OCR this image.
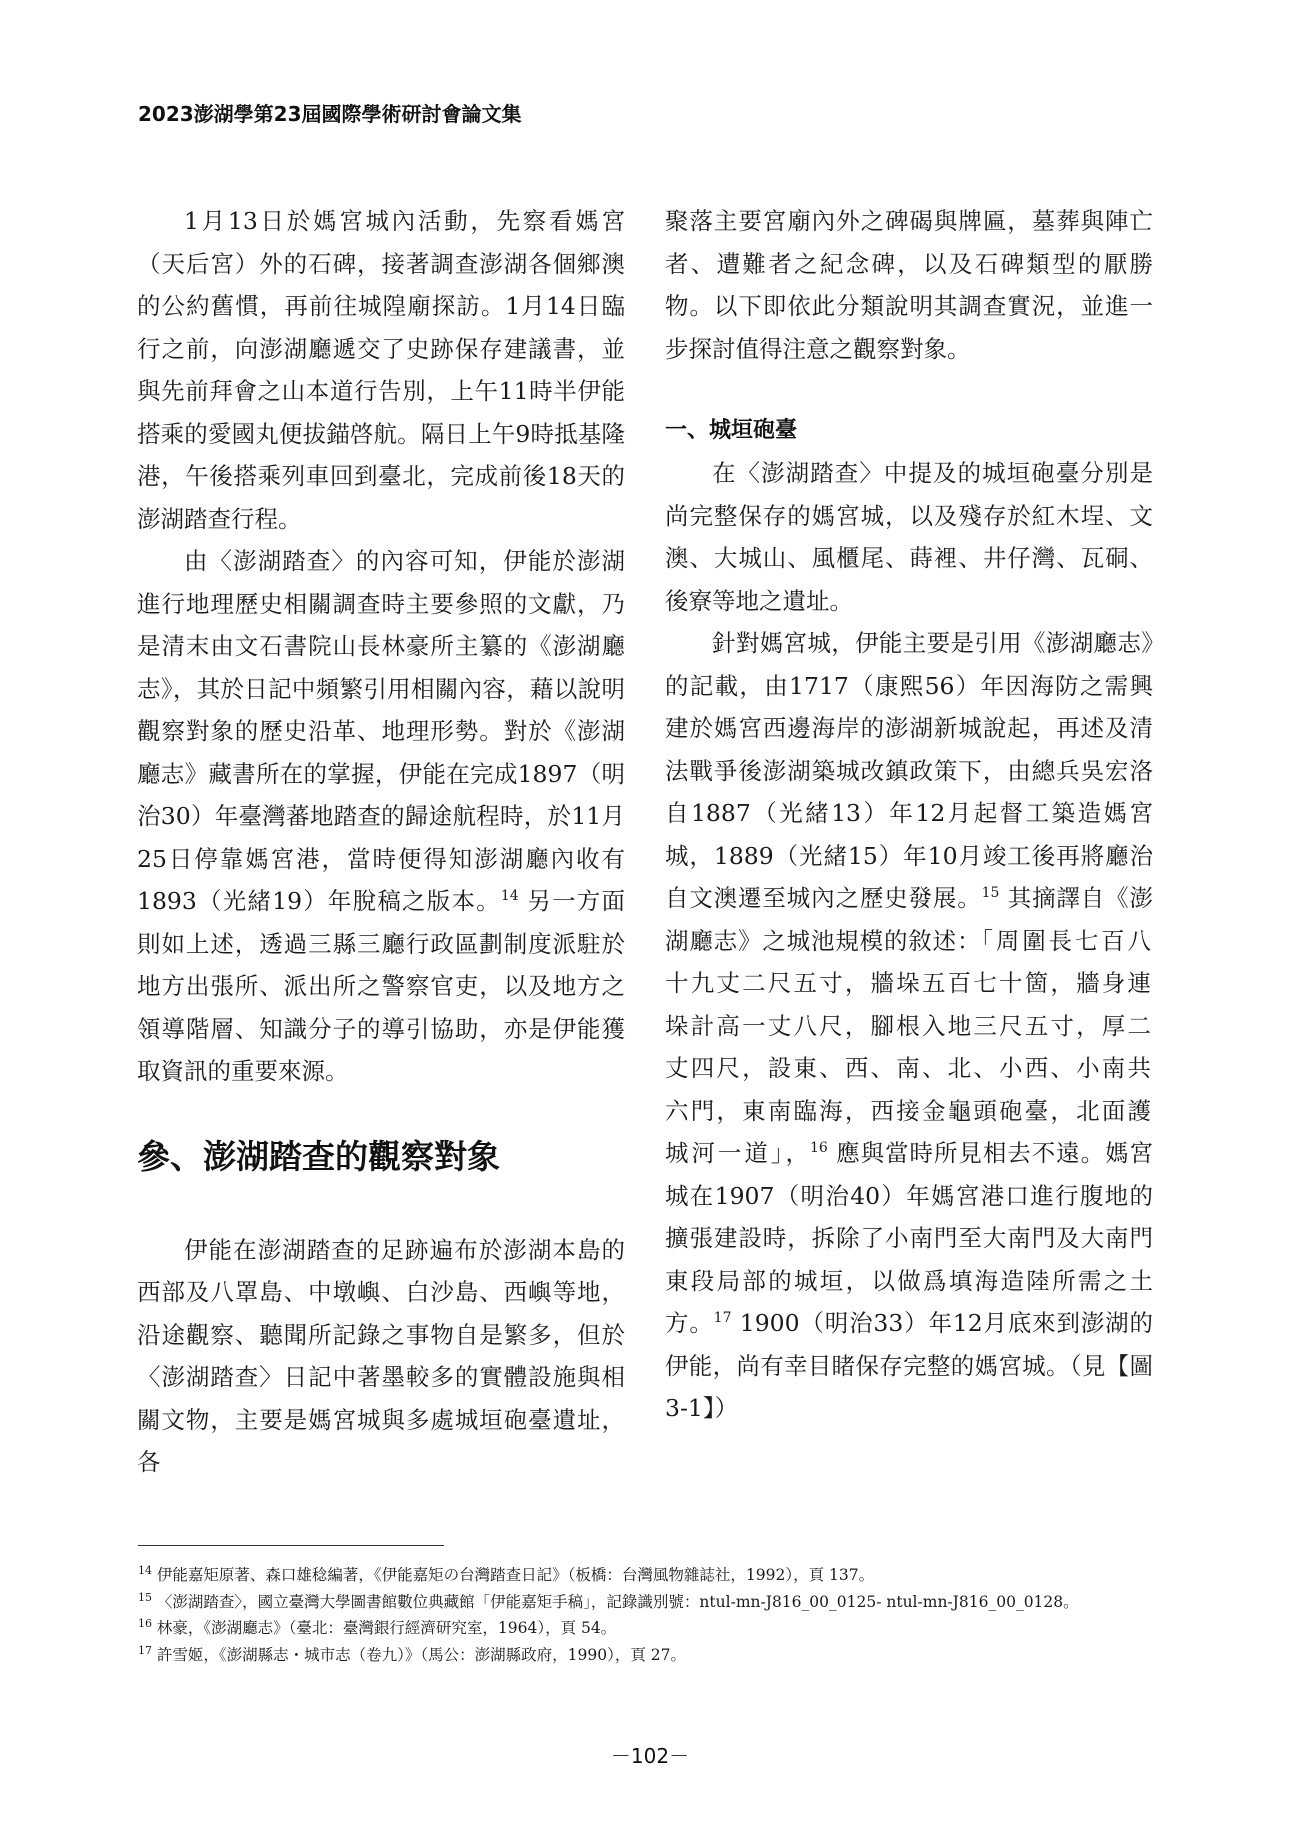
2023澎湖學第23屆國際學術研討會論文集

1月13日於媽宮城內活動，先察看媽宮（天后宮）外的石碑，接著調查澎湖各個鄉澳的公約舊慣，再前往城隍廟探訪。1月14日臨行之前，向澎湖廳遞交了史跡保存建議書，並與先前拜會之山本道行告別，上午11時半伊能搭乘的愛國丸便拔錨啓航。隔日上午9時抵基隆港，午後搭乘列車回到臺北，完成前後18天的澎湖踏查行程。

由〈澎湖踏查〉的內容可知，伊能於澎湖進行地理歷史相關調查時主要參照的文獻，乃是清末由文石書院山長林豪所主纂的《澎湖廳志》，其於日記中頻繁引用相關內容，藉以說明觀察對象的歷史沿革、地理形勢。對於《澎湖廳志》藏書所在的掌握，伊能在完成1897（明治30）年臺灣蕃地踏查的歸途航程時，於11月25日停靠媽宮港，當時便得知澎湖廳內收有1893（光緒19）年脫稿之版本。$^{14}$ 另一方面則如上述，透過三縣三廳行政區劃制度派駐於地方出張所、派出所之警察官吏，以及地方之領導階層、知識分子的導引協助，亦是伊能獲取資訊的重要來源。

參、澎湖踏查的觀察對象

伊能在澎湖踏查的足跡遍布於澎湖本島的西部及八罩島、中墩嶼、白沙島、西嶼等地，沿途觀察、聽聞所記錄之事物自是繁多，但於〈澎湖踏查〉日記中著墨較多的實體設施與相關文物，主要是媽宮城與多處城垣砲臺遺址，各

聚落主要宮廟內外之碑碣與牌匾，墓葬與陣亡者、遭難者之紀念碑，以及石碑類型的厭勝物。以下即依此分類說明其調查實況，並進一步探討值得注意之觀察對象。

一、城垣砲臺

在〈澎湖踏查〉中提及的城垣砲臺分別是尚完整保存的媽宮城，以及殘存於紅木埕、文澳、大城山、風櫃尾、蒔裡、井仔灣、瓦硐、後寮等地之遺址。

針對媽宮城，伊能主要是引用《澎湖廳志》的記載，由1717（康熙56）年因海防之需興建於媽宮西邊海岸的澎湖新城說起，再述及清法戰爭後澎湖築城改鎮政策下，由總兵吳宏洛自1887（光緒13）年12月起督工築造媽宮城，1889（光緒15）年10月竣工後再將廳治自文澳遷至城內之歷史發展。$^{15}$ 其摘譯自《澎湖廳志》之城池規模的敘述：「周圍長七百八十九丈二尺五寸，牆垛五百七十箇，牆身連垛計高一丈八尺，腳根入地三尺五寸，厚二丈四尺，設東、西、南、北、小西、小南共六門，東南臨海，西接金龜頭砲臺，北面護城河一道」，$^{16}$ 應與當時所見相去不遠。媽宮城在1907（明治40）年媽宮港口進行腹地的擴張建設時，拆除了小南門至大南門及大南門東段局部的城垣，以做爲填海造陸所需之土方。$^{17}$ 1900（明治33）年12月底來到澎湖的伊能，尚有幸目睹保存完整的媽宮城。（見【圖3-1】）

$^{14}$ 伊能嘉矩原著、森口雄稔編著，《伊能嘉矩の台灣踏查日記》（板橋：台灣風物雜誌社，1992），頁 137。

$^{15}$ 〈澎湖踏查〉，國立臺灣大學圖書館數位典藏館「伊能嘉矩手稿」，記錄識別號：ntul-mn-J816_00_0125- ntul-mn-J816_00_0128。

$^{16}$ 林豪，《澎湖廳志》（臺北：臺灣銀行經濟研究室，1964），頁 54。

$^{17}$ 許雪姬，《澎湖縣志・城市志（卷九）》（馬公：澎湖縣政府，1990），頁 27。

－102－
